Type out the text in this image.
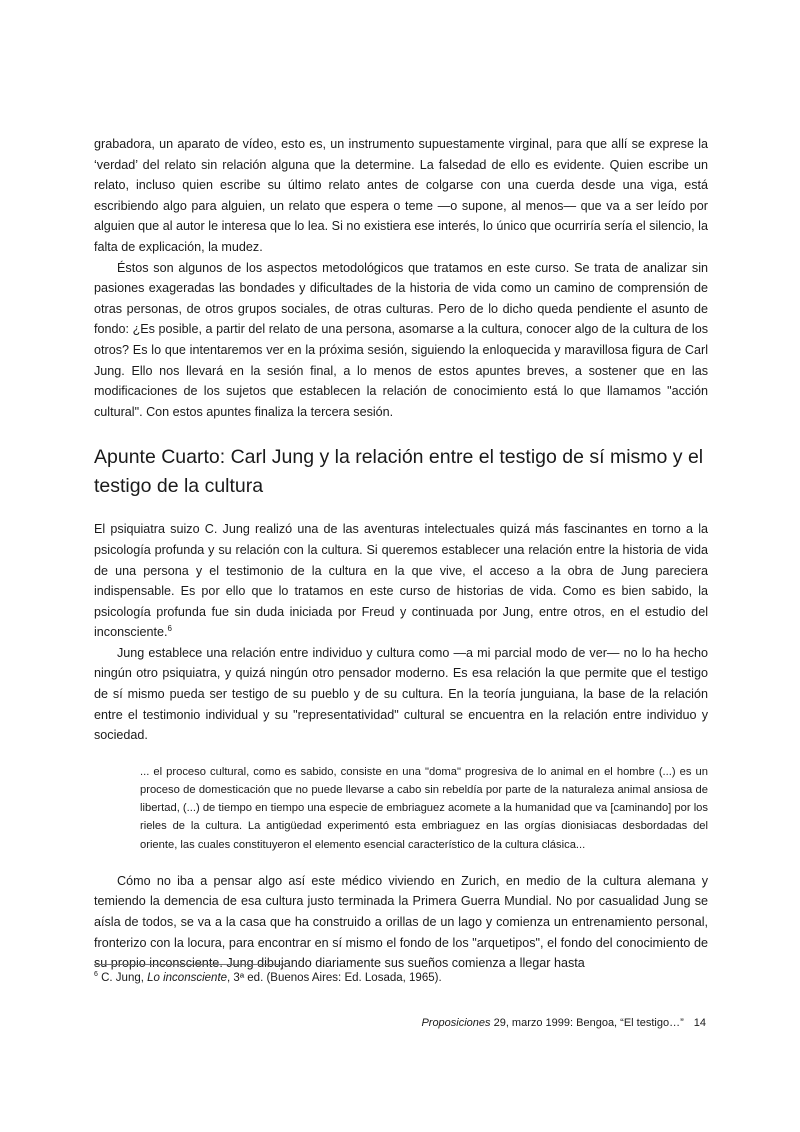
grabadora, un aparato de vídeo, esto es, un instrumento supuestamente virginal, para que allí se exprese la ‘verdad’ del relato sin relación alguna que la determine. La falsedad de ello es evidente. Quien escribe un relato, incluso quien escribe su último relato antes de colgarse con una cuerda desde una viga, está escribiendo algo para alguien, un relato que espera o teme —o supone, al menos— que va a ser leído por alguien que al autor le interesa que lo lea. Si no existiera ese interés, lo único que ocurriría sería el silencio, la falta de explicación, la mudez.

Éstos son algunos de los aspectos metodológicos que tratamos en este curso. Se trata de analizar sin pasiones exageradas las bondades y dificultades de la historia de vida como un camino de comprensión de otras personas, de otros grupos sociales, de otras culturas. Pero de lo dicho queda pendiente el asunto de fondo: ¿Es posible, a partir del relato de una persona, asomarse a la cultura, conocer algo de la cultura de los otros? Es lo que intentaremos ver en la próxima sesión, siguiendo la enloquecida y maravillosa figura de Carl Jung. Ello nos llevará en la sesión final, a lo menos de estos apuntes breves, a sostener que en las modificaciones de los sujetos que establecen la relación de conocimiento está lo que llamamos "acción cultural". Con estos apuntes finaliza la tercera sesión.

Apunte Cuarto: Carl Jung y la relación entre el testigo de sí mismo y el testigo de la cultura

El psiquiatra suizo C. Jung realizó una de las aventuras intelectuales quizá más fascinantes en torno a la psicología profunda y su relación con la cultura. Si queremos establecer una relación entre la historia de vida de una persona y el testimonio de la cultura en la que vive, el acceso a la obra de Jung pareciera indispensable. Es por ello que lo tratamos en este curso de historias de vida. Como es bien sabido, la psicología profunda fue sin duda iniciada por Freud y continuada por Jung, entre otros, en el estudio del inconsciente.$^6$

Jung establece una relación entre individuo y cultura como —a mi parcial modo de ver— no lo ha hecho ningún otro psiquiatra, y quizá ningún otro pensador moderno. Es esa relación la que permite que el testigo de sí mismo pueda ser testigo de su pueblo y de su cultura. En la teoría junguiana, la base de la relación entre el testimonio individual y su "representatividad" cultural se encuentra en la relación entre individuo y sociedad.

... el proceso cultural, como es sabido, consiste en una "doma" progresiva de lo animal en el hombre (...) es un proceso de domesticación que no puede llevarse a cabo sin rebeldía por parte de la naturaleza animal ansiosa de libertad, (...) de tiempo en tiempo una especie de embriaguez acomete a la humanidad que va [caminando] por los rieles de la cultura. La antigüedad experimentó esta embriaguez en las orgías dionisiacas desbordadas del oriente, las cuales constituyeron el elemento esencial característico de la cultura clásica...

Cómo no iba a pensar algo así este médico viviendo en Zurich, en medio de la cultura alemana y temiendo la demencia de esa cultura justo terminada la Primera Guerra Mundial. No por casualidad Jung se aísla de todos, se va a la casa que ha construido a orillas de un lago y comienza un entrenamiento personal, fronterizo con la locura, para encontrar en sí mismo el fondo de los "arquetipos", el fondo del conocimiento de su propio inconsciente. Jung dibujando diariamente sus sueños comienza a llegar hasta

$^6$ C. Jung, Lo inconsciente, 3ª ed. (Buenos Aires: Ed. Losada, 1965).
Proposiciones 29, marzo 1999: Bengoa, “El testigo…” 14
